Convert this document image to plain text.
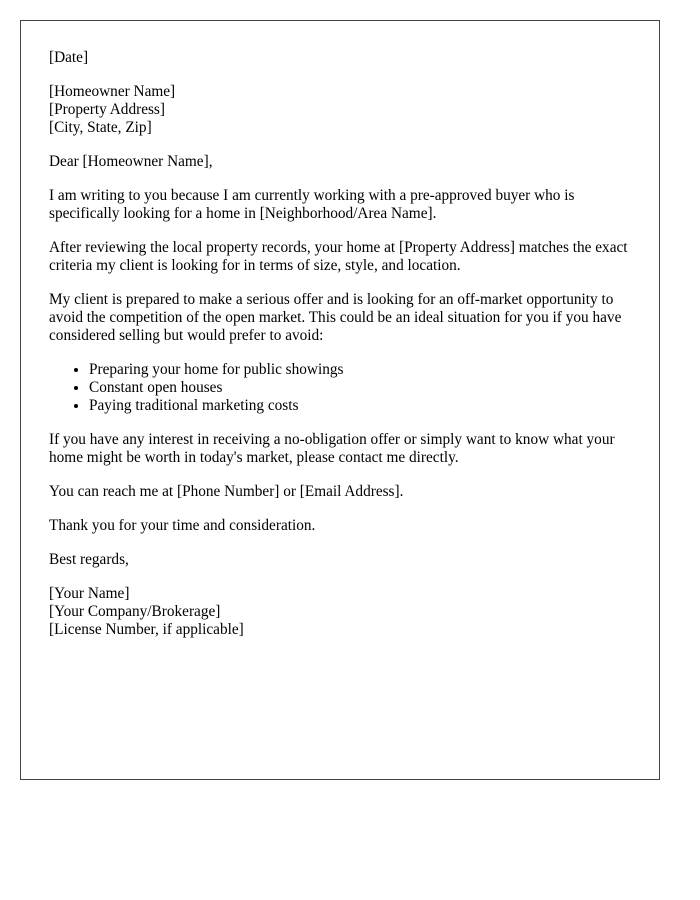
[Date]

[Homeowner Name]

[Property Address]

[City, State, Zip]

Dear [Homeowner Name],

I am writing to you because I am currently working with a pre-approved buyer who is specifically looking for a home in [Neighborhood/Area Name].

After reviewing the local property records, your home at [Property Address] matches the exact criteria my client is looking for in terms of size, style, and location.

My client is prepared to make a serious offer and is looking for an off-market opportunity to avoid the competition of the open market. This could be an ideal situation for you if you have considered selling but would prefer to avoid:

• Preparing your home for public showings
• Constant open houses
• Paying traditional marketing costs

If you have any interest in receiving a no-obligation offer or simply want to know what your home might be worth in today's market, please contact me directly.

You can reach me at [Phone Number] or [Email Address].

Thank you for your time and consideration.

Best regards,

[Your Name]

[Your Company/Brokerage]

[License Number, if applicable]
